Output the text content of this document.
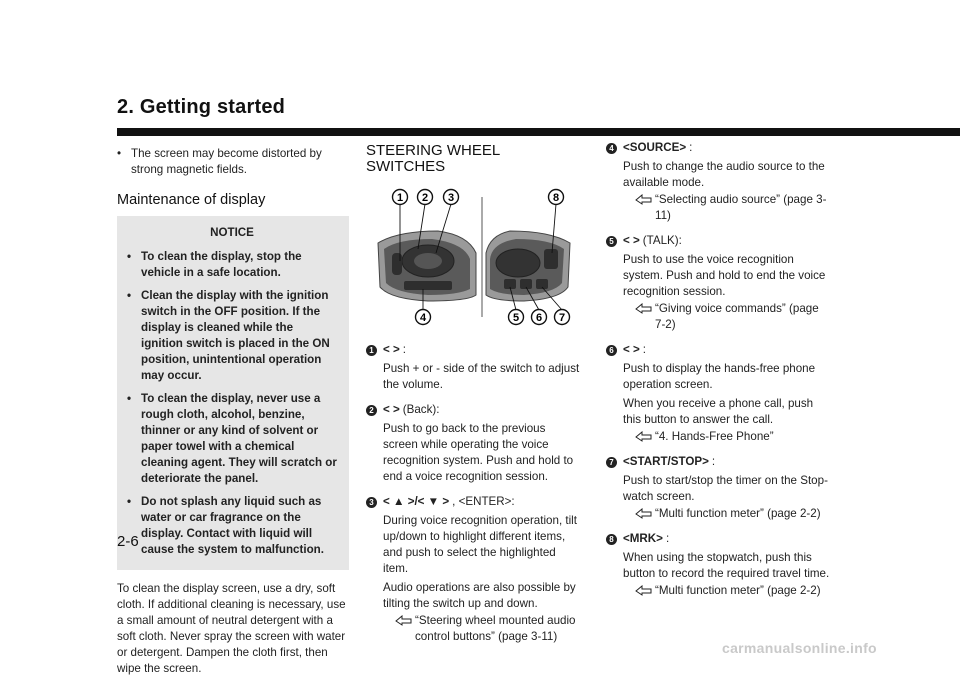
2. Getting started
• The screen may become distorted by strong magnetic fields.
Maintenance of display
NOTICE
• To clean the display, stop the vehicle in a safe location.
• Clean the display with the ignition switch in the OFF position. If the display is cleaned while the ignition switch is placed in the ON position, unintentional operation may occur.
• To clean the display, never use a rough cloth, alcohol, benzine, thinner or any kind of solvent or paper towel with a chemical cleaning agent. They will scratch or deteriorate the panel.
• Do not splash any liquid such as water or car fragrance on the display. Contact with liquid will cause the system to malfunction.
To clean the display screen, use a dry, soft cloth. If additional cleaning is necessary, use a small amount of neutral detergent with a soft cloth. Never spray the screen with water or detergent. Dampen the cloth first, then wipe the screen.
STEERING WHEEL SWITCHES
1 2 3
4	5 6 7
8
1 < > :

Push + or - side of the switch to adjust the volume.

2 < > (Back):

Push to go back to the previous screen while operating the voice recognition system. Push and hold to end a voice recognition session.

3 < ▲ >/< ▼ > , <ENTER>:

During voice recognition operation, tilt up/down to highlight different items, and push to select the highlighted item.

Audio operations are also possible by tilting the switch up and down.

“Steering wheel mounted audio control buttons” (page 3-11)
4 <SOURCE> :

Push to change the audio source to the available mode.

“Selecting audio source” (page 3-11)
5 < > (TALK):

Push to use the voice recognition system. Push and hold to end the voice recognition session.

“Giving voice commands” (page 7-2)
6 < > :

Push to display the hands-free phone operation screen.

When you receive a phone call, push this button to answer the call.

“4. Hands-Free Phone”
7 <START/STOP> :

Push to start/stop the timer on the Stop-watch screen.

“Multi function meter” (page 2-2)
8 <MRK> :

When using the stopwatch, push this button to record the required travel time.

“Multi function meter” (page 2-2)
2-6
carmanualsonline.info
